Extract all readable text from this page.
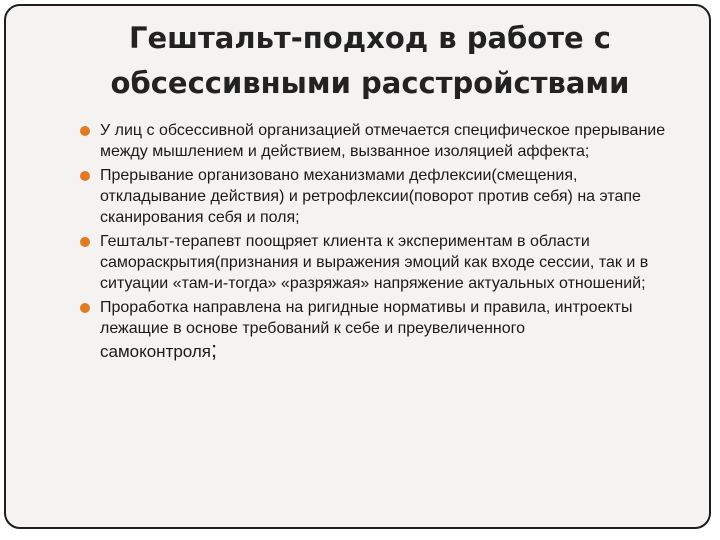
Гештальт-подход в работе с
обсессивными расстройствами
У лиц с обсессивной организацией отмечается специфическое прерывание между мышлением и действием, вызванное изоляцией аффекта;
Прерывание организовано механизмами дефлексии(смещения, откладывание действия) и ретрофлексии(поворот против себя) на этапе сканирования себя и поля;
Гештальт-терапевт поощряет клиента к экспериментам в области самораскрытия(признания и выражения эмоций как входе сессии, так и в ситуации «там-и-тогда» «разряжая» напряжение актуальных отношений;
Проработка направлена на ригидные нормативы и правила, интроекты лежащие в основе требований к себе и преувеличенного
самоконтроля;
